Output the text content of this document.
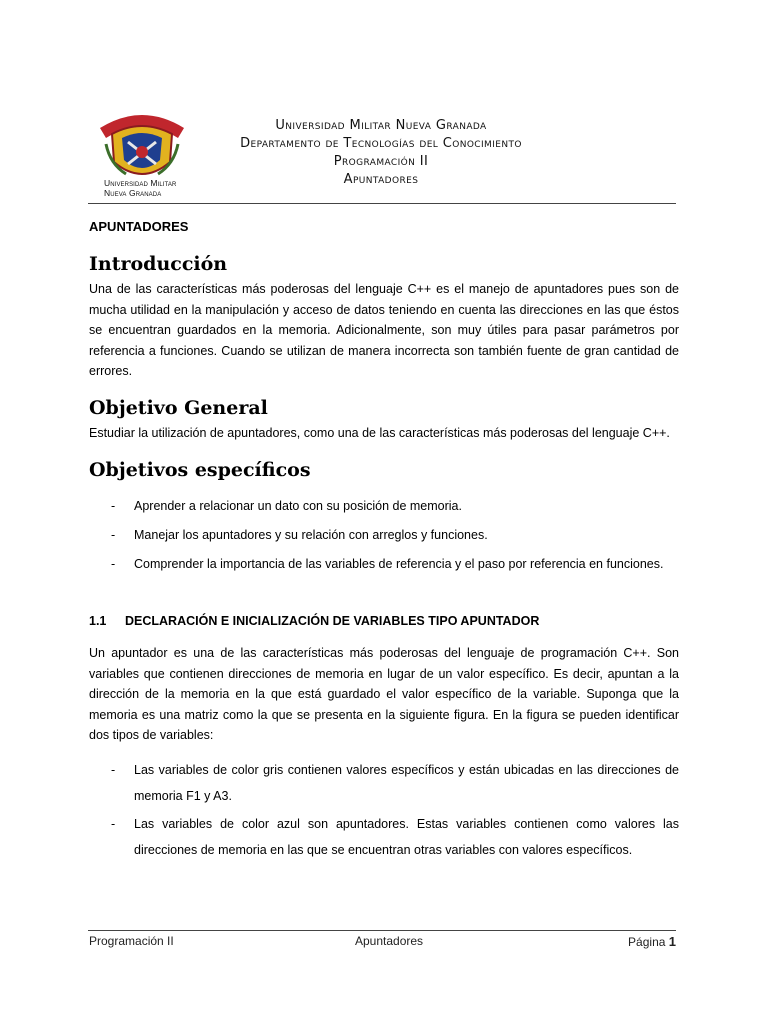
Universidad Militar
Nueva Granada
Universidad Militar Nueva Granada
Departamento de Tecnologías del Conocimiento
Programación II
Apuntadores
APUNTADORES
Introducción

Una de las características más poderosas del lenguaje C++ es el manejo de apuntadores pues son de mucha utilidad en la manipulación y acceso de datos teniendo en cuenta las direcciones en las que éstos se encuentran guardados en la memoria. Adicionalmente, son muy útiles para pasar parámetros por referencia a funciones. Cuando se utilizan de manera incorrecta son también fuente de gran cantidad de errores.

Objetivo General

Estudiar la utilización de apuntadores, como una de las características más poderosas del lenguaje C++.

Objetivos específicos
- Aprender a relacionar un dato con su posición de memoria.
- Manejar los apuntadores y su relación con arreglos y funciones.
- Comprender la importancia de las variables de referencia y el paso por referencia en funciones.
1.1 DECLARACIÓN E INICIALIZACIÓN DE VARIABLES TIPO APUNTADOR

Un apuntador es una de las características más poderosas del lenguaje de programación C++. Son variables que contienen direcciones de memoria en lugar de un valor específico. Es decir, apuntan a la dirección de la memoria en la que está guardado el valor específico de la variable. Suponga que la memoria es una matriz como la que se presenta en la siguiente figura. En la figura se pueden identificar dos tipos de variables:

- Las variables de color gris contienen valores específicos y están ubicadas en las direcciones de memoria F1 y A3.
- Las variables de color azul son apuntadores. Estas variables contienen como valores las direcciones de memoria en las que se encuentran otras variables con valores específicos.
Programación II	Apuntadores	Página 1
